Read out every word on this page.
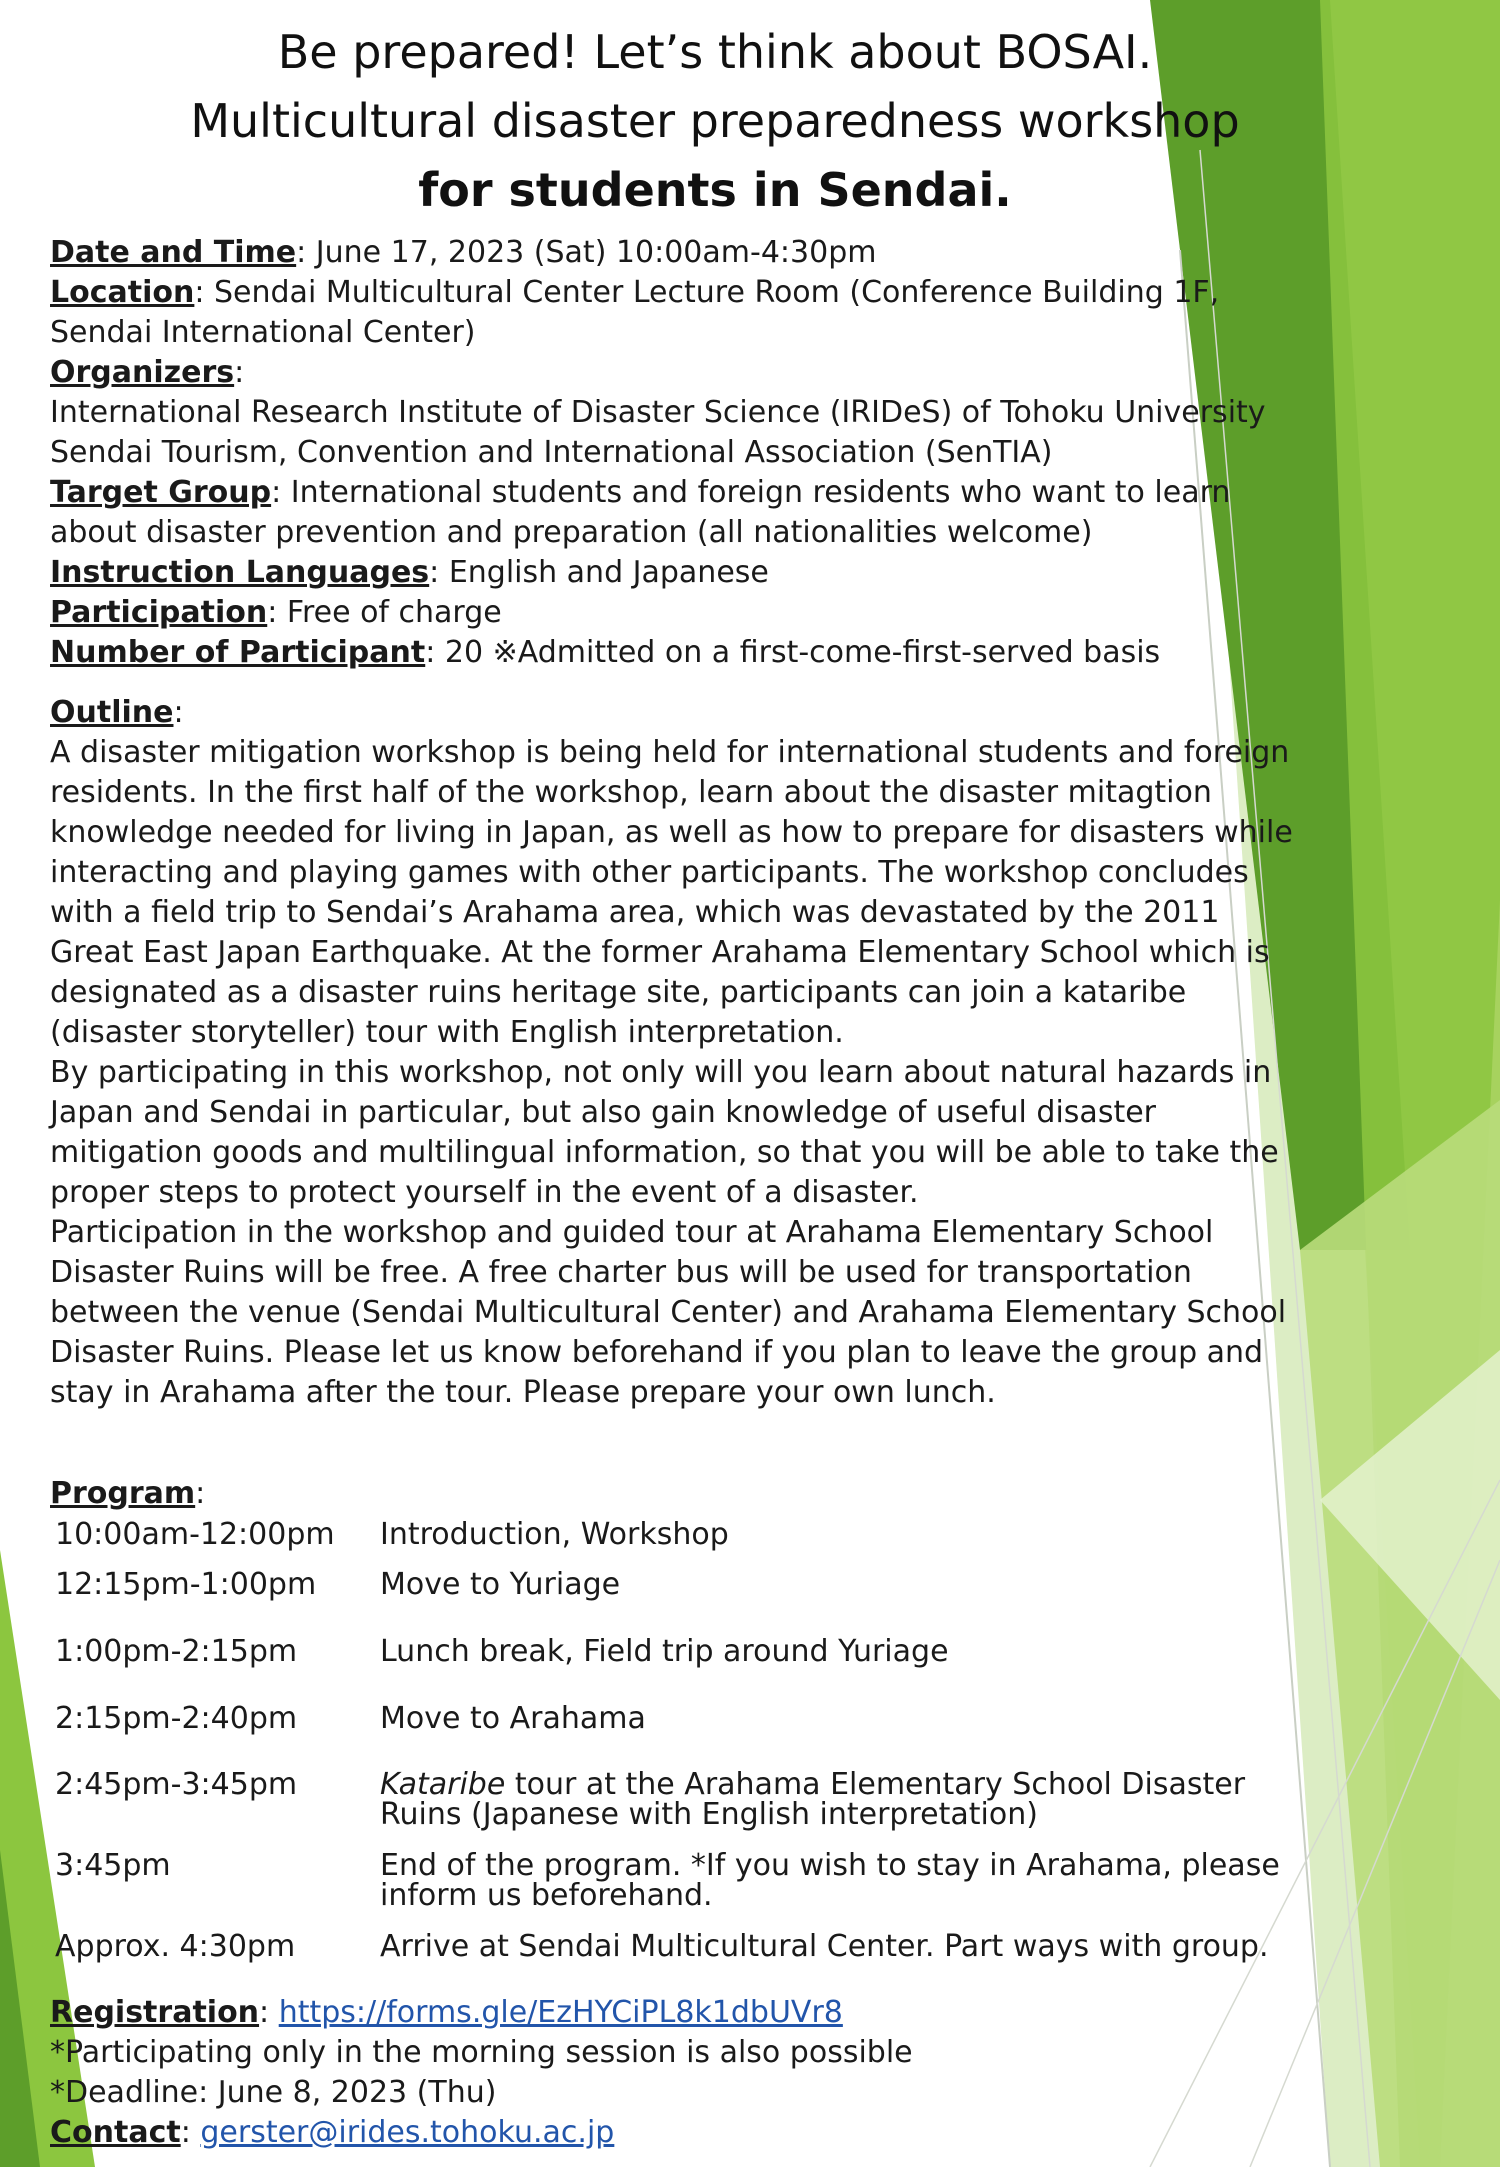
Be prepared! Let’s think about BOSAI.
Multicultural disaster preparedness workshop
for students in Sendai.

Date and Time: June 17, 2023 (Sat) 10:00am-4:30pm

Location: Sendai Multicultural Center Lecture Room (Conference Building 1F,

Sendai International Center)

Organizers:

International Research Institute of Disaster Science (IRIDeS) of Tohoku University

Sendai Tourism, Convention and International Association (SenTIA)

Target Group: International students and foreign residents who want to learn

about disaster prevention and preparation (all nationalities welcome)

Instruction Languages: English and Japanese

Participation: Free of charge

Number of Participant: 20 ※Admitted on a first-come-first-served basis

Outline:

A disaster mitigation workshop is being held for international students and foreign residents. In the first half of the workshop, learn about the disaster mitagtion knowledge needed for living in Japan, as well as how to prepare for disasters while interacting and playing games with other participants. The workshop concludes with a field trip to Sendai’s Arahama area, which was devastated by the 2011 Great East Japan Earthquake. At the former Arahama Elementary School which is designated as a disaster ruins heritage site, participants can join a kataribe (disaster storyteller) tour with English interpretation.

By participating in this workshop, not only will you learn about natural hazards in Japan and Sendai in particular, but also gain knowledge of useful disaster mitigation goods and multilingual information, so that you will be able to take the proper steps to protect yourself in the event of a disaster.

Participation in the workshop and guided tour at Arahama Elementary School Disaster Ruins will be free. A free charter bus will be used for transportation between the venue (Sendai Multicultural Center) and Arahama Elementary School Disaster Ruins. Please let us know beforehand if you plan to leave the group and stay in Arahama after the tour. Please prepare your own lunch.

Program:

10:00am-12:00pm Introduction, Workshop
12:15pm-1:00pm Move to Yuriage
1:00pm-2:15pm	Lunch break, Field trip around Yuriage
2:15pm-2:40pm	Move to Arahama
2:45pm-3:45pm	Kataribe tour at the Arahama Elementary School Disaster Ruins (Japanese with English interpretation)
3:45pm	End of the program. *If you wish to stay in Arahama, please inform us beforehand.
Approx. 4:30pm	Arrive at Sendai Multicultural Center. Part ways with group.

Registration: https://forms.gle/EzHYCiPL8k1dbUVr8

*Participating only in the morning session is also possible

*Deadline: June 8, 2023 (Thu)

Contact: gerster@irides.tohoku.ac.jp
